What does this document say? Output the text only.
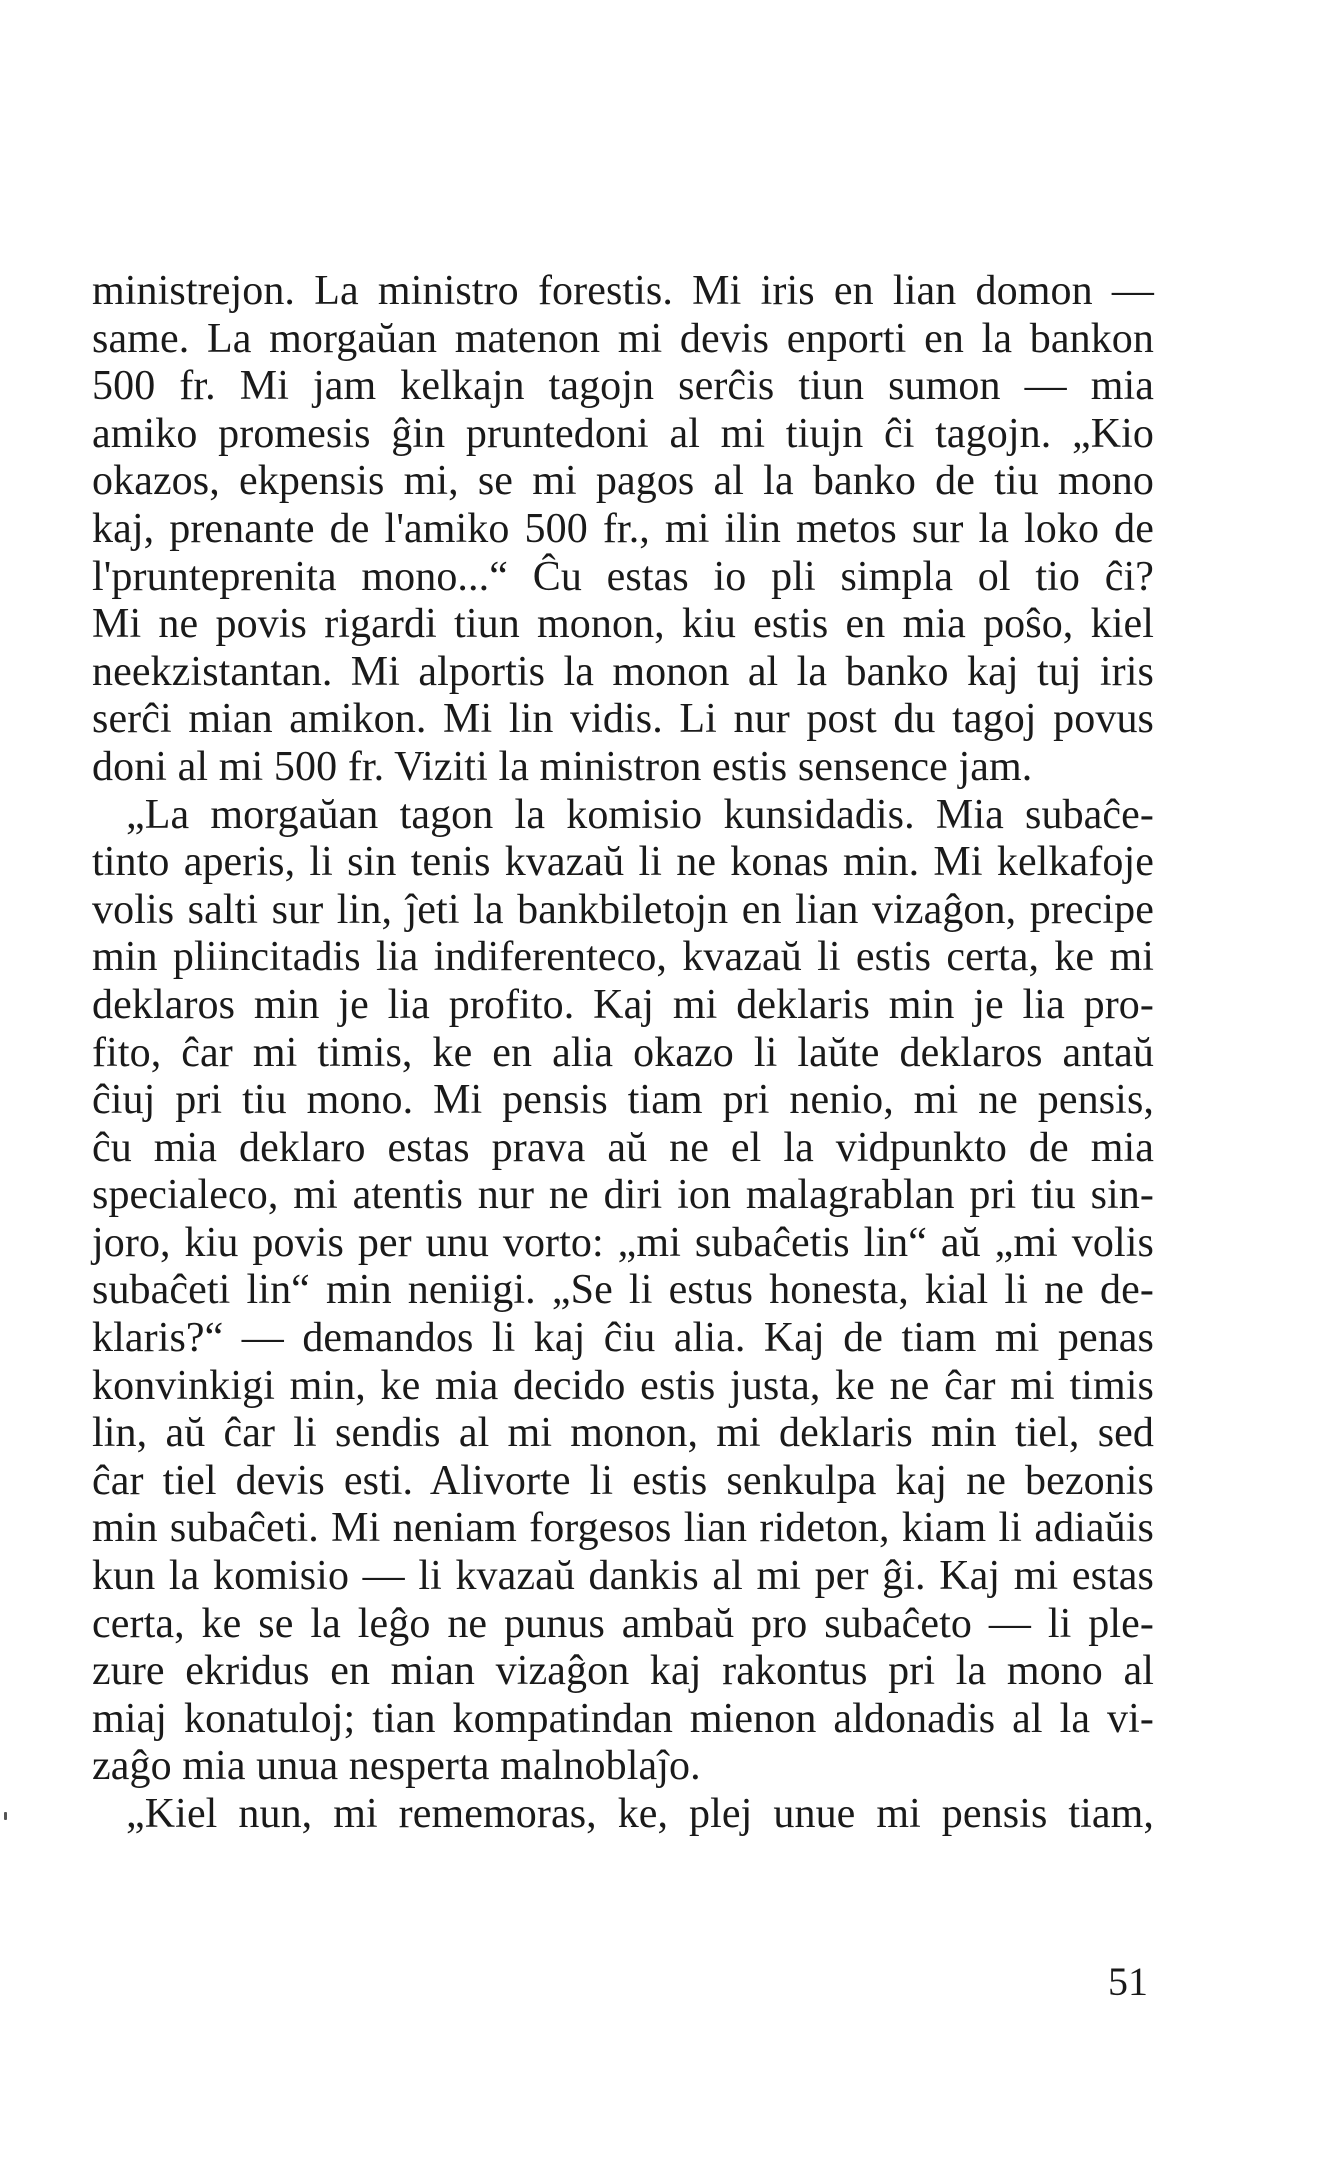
ministrejon. La ministro forestis. Mi iris en lian domon —
same. La morgaŭan matenon mi devis enporti en la bankon
500 fr. Mi jam kelkajn tagojn serĉis tiun sumon — mia
amiko promesis ĝin pruntedoni al mi tiujn ĉi tagojn. „Kio
okazos, ekpensis mi, se mi pagos al la banko de tiu mono
kaj, prenante de l'amiko 500 fr., mi ilin metos sur la loko de
l'prunteprenita mono...“ Ĉu estas io pli simpla ol tio ĉi?
Mi ne povis rigardi tiun monon, kiu estis en mia poŝo, kiel
neekzistantan. Mi alportis la monon al la banko kaj tuj iris
serĉi mian amikon. Mi lin vidis. Li nur post du tagoj povus
doni al mi 500 fr. Viziti la ministron estis sensence jam.
„La morgaŭan tagon la komisio kunsidadis. Mia subaĉe-
tinto aperis, li sin tenis kvazaŭ li ne konas min. Mi kelkafoje
volis salti sur lin, ĵeti la bankbiletojn en lian vizaĝon, precipe
min pliincitadis lia indiferenteco, kvazaŭ li estis certa, ke mi
deklaros min je lia profito. Kaj mi deklaris min je lia pro-
fito, ĉar mi timis, ke en alia okazo li laŭte deklaros antaŭ
ĉiuj pri tiu mono. Mi pensis tiam pri nenio, mi ne pensis,
ĉu mia deklaro estas prava aŭ ne el la vidpunkto de mia
specialeco, mi atentis nur ne diri ion malagrablan pri tiu sin-
joro, kiu povis per unu vorto: „mi subaĉetis lin“ aŭ „mi volis
subaĉeti lin“ min neniigi. „Se li estus honesta, kial li ne de-
klaris?“ — demandos li kaj ĉiu alia. Kaj de tiam mi penas
konvinkigi min, ke mia decido estis justa, ke ne ĉar mi timis
lin, aŭ ĉar li sendis al mi monon, mi deklaris min tiel, sed
ĉar tiel devis esti. Alivorte li estis senkulpa kaj ne bezonis
min subaĉeti. Mi neniam forgesos lian rideton, kiam li adiaŭis
kun la komisio — li kvazaŭ dankis al mi per ĝi. Kaj mi estas
certa, ke se la leĝo ne punus ambaŭ pro subaĉeto — li ple-
zure ekridus en mian vizaĝon kaj rakontus pri la mono al
miaj konatuloj; tian kompatindan mienon aldonadis al la vi-
zaĝo mia unua nesperta malnoblaĵo.
„Kiel nun, mi rememoras, ke, plej unue mi pensis tiam,
51
